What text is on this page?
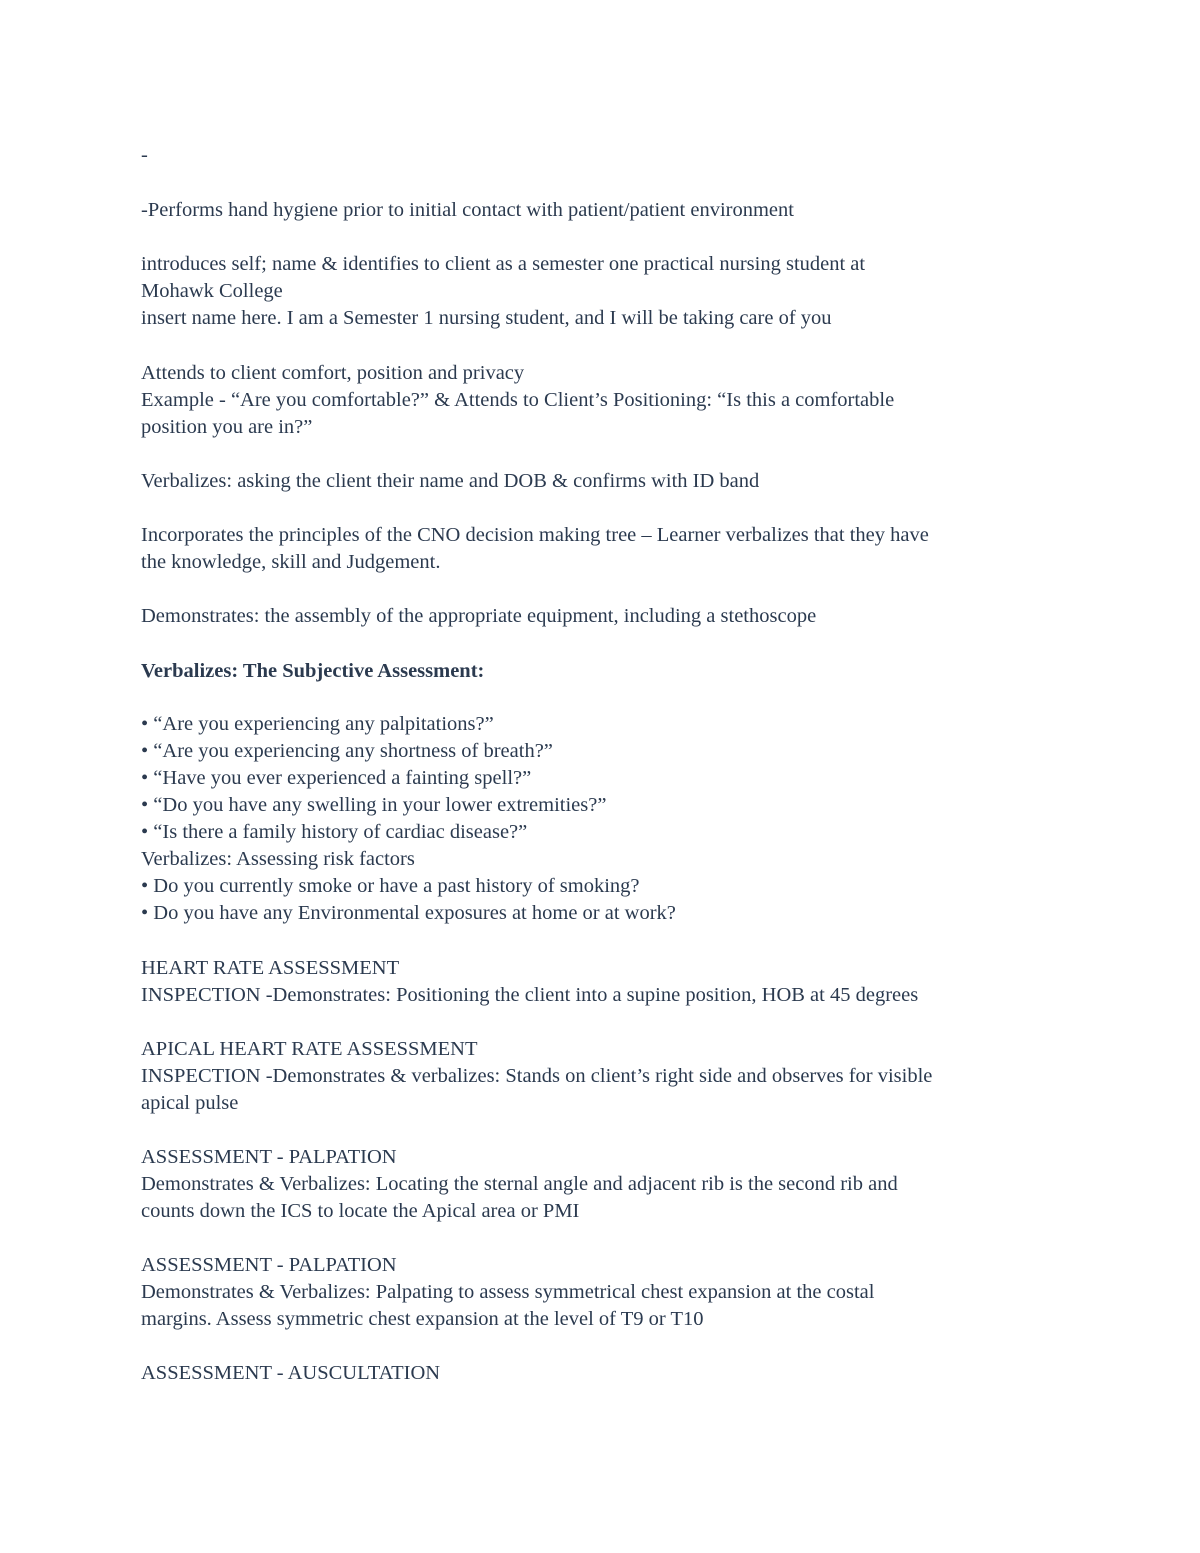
-
-Performs hand hygiene prior to initial contact with patient/patient environment
introduces self; name & identifies to client as a semester one practical nursing student at
Mohawk College
insert name here. I am a Semester 1 nursing student, and I will be taking care of you
Attends to client comfort, position and privacy
Example - “Are you comfortable?” & Attends to Client’s Positioning: “Is this a comfortable
position you are in?”
Verbalizes: asking the client their name and DOB & confirms with ID band
Incorporates the principles of the CNO decision making tree – Learner verbalizes that they have
the knowledge, skill and Judgement.
Demonstrates: the assembly of the appropriate equipment, including a stethoscope
Verbalizes: The Subjective Assessment:
• “Are you experiencing any palpitations?”
• “Are you experiencing any shortness of breath?”
• “Have you ever experienced a fainting spell?”
• “Do you have any swelling in your lower extremities?”
• “Is there a family history of cardiac disease?”
Verbalizes: Assessing risk factors
• Do you currently smoke or have a past history of smoking?
• Do you have any Environmental exposures at home or at work?
HEART RATE ASSESSMENT
INSPECTION -Demonstrates: Positioning the client into a supine position, HOB at 45 degrees
APICAL HEART RATE ASSESSMENT
INSPECTION -Demonstrates & verbalizes: Stands on client’s right side and observes for visible
apical pulse
ASSESSMENT - PALPATION
Demonstrates & Verbalizes: Locating the sternal angle and adjacent rib is the second rib and
counts down the ICS to locate the Apical area or PMI
ASSESSMENT - PALPATION
Demonstrates & Verbalizes: Palpating to assess symmetrical chest expansion at the costal
margins. Assess symmetric chest expansion at the level of T9 or T10
ASSESSMENT - AUSCULTATION
